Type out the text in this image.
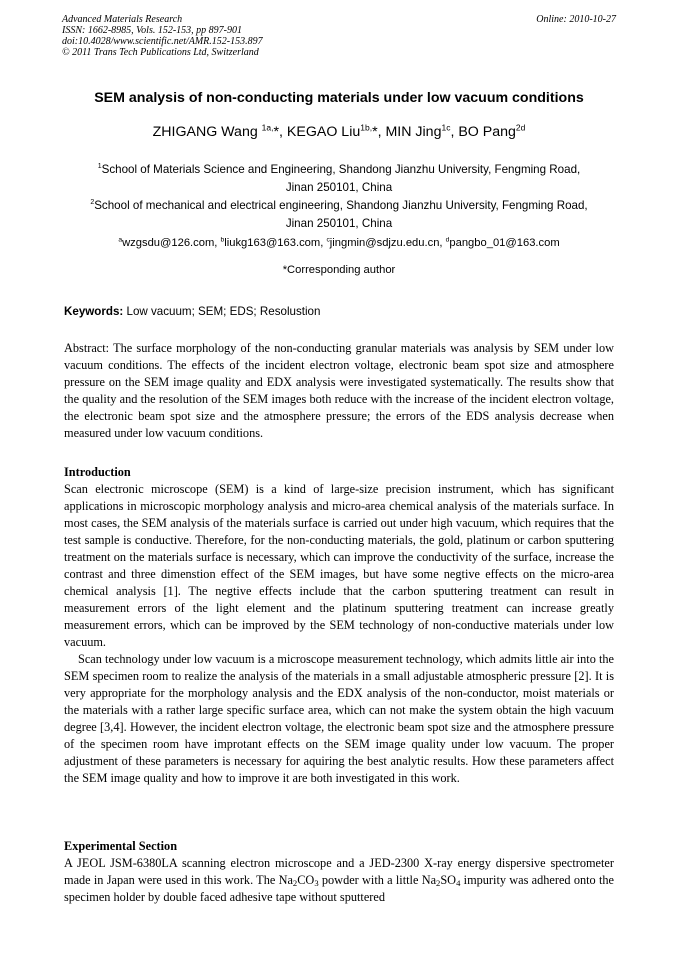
Advanced Materials Research
ISSN: 1662-8985, Vols. 152-153, pp 897-901
doi:10.4028/www.scientific.net/AMR.152-153.897
© 2011 Trans Tech Publications Ltd, Switzerland
Online: 2010-10-27
SEM analysis of non-conducting materials under low vacuum conditions
ZHIGANG Wang $^{1a,}$*, KEGAO Liu$^{1b,}$*, MIN Jing$^{1c}$, BO Pang$^{2d}$
$^1$School of Materials Science and Engineering, Shandong Jianzhu University, Fengming Road,
Jinan 250101, China
$^2$School of mechanical and electrical engineering, Shandong Jianzhu University, Fengming Road,
Jinan 250101, China
$^a$wzgsdu@126.com, $^b$liukg163@163.com, $^c$jingmin@sdjzu.edu.cn, $^d$pangbo_01@163.com
*Corresponding author
Keywords: Low vacuum; SEM; EDS; Resolustion

Abstract: The surface morphology of the non-conducting granular materials was analysis by SEM under low vacuum conditions. The effects of the incident electron voltage, electronic beam spot size and atmosphere pressure on the SEM image quality and EDX analysis were investigated systematically. The results show that the quality and the resolution of the SEM images both reduce with the increase of the incident electron voltage, the electronic beam spot size and the atmosphere pressure; the errors of the EDS analysis decrease when measured under low vacuum conditions.

Introduction

Scan electronic microscope (SEM) is a kind of large-size precision instrument, which has significant applications in microscopic morphology analysis and micro-area chemical analysis of the materials surface. In most cases, the SEM analysis of the materials surface is carried out under high vacuum, which requires that the test sample is conductive. Therefore, for the non-conducting materials, the gold, platinum or carbon sputtering treatment on the materials surface is necessary, which can improve the conductivity of the surface, increase the contrast and three dimenstion effect of the SEM images, but have some negtive effects on the micro-area chemical analysis [1]. The negtive effects include that the carbon sputtering treatment can result in measurement errors of the light element and the platinum sputtering treatment can increase greatly measurement errors, which can be improved by the SEM technology of non-conductive materials under low vacuum.

Scan technology under low vacuum is a microscope measurement technology, which admits little air into the SEM specimen room to realize the analysis of the materials in a small adjustable atmospheric pressure [2]. It is very appropriate for the morphology analysis and the EDX analysis of the non-conductor, moist materials or the materials with a rather large specific surface area, which can not make the system obtain the high vacuum degree [3,4]. However, the incident electron voltage, the electronic beam spot size and the atmosphere pressure of the specimen room have improtant effects on the SEM image quality under low vacuum. The proper adjustment of these parameters is necessary for aquiring the best analytic results. How these parameters affect the SEM image quality and how to improve it are both investigated in this work.

Experimental Section

A JEOL JSM-6380LA scanning electron microscope and a JED-2300 X-ray energy dispersive spectrometer made in Japan were used in this work. The $Na_2CO_3$ powder with a little $Na_2SO_4$ impurity was adhered onto the specimen holder by double faced adhesive tape without sputtered
